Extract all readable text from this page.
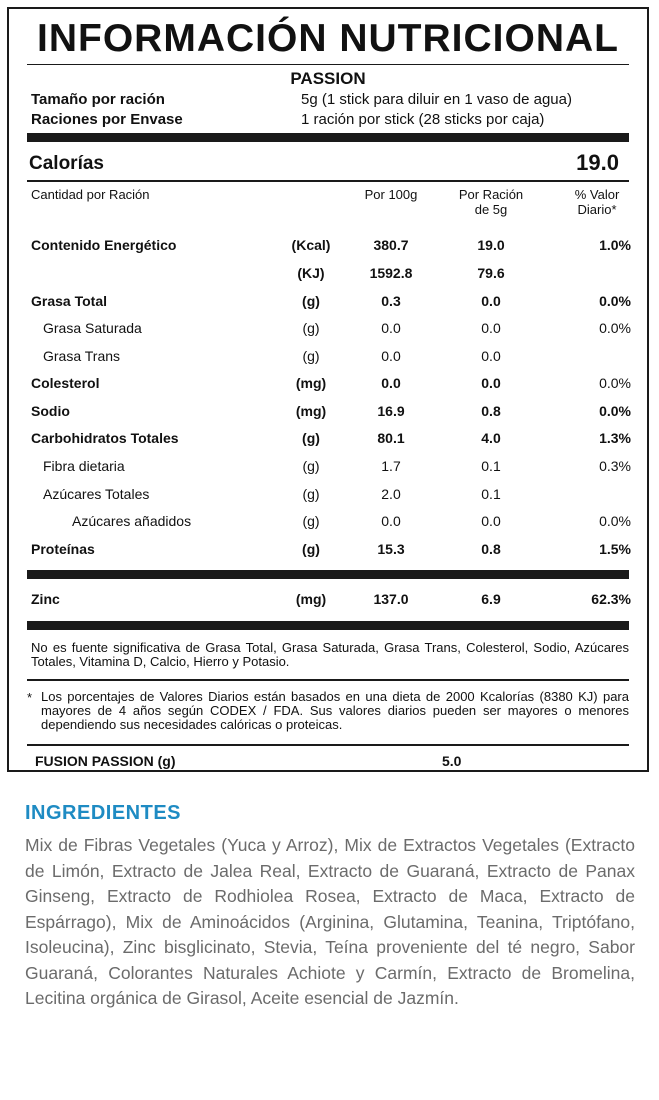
INFORMACIÓN NUTRICIONAL
PASSION
Tamaño por ración	5g (1 stick para diluir en 1 vaso de agua)
Raciones por Envase	1 ración por stick (28 sticks por caja)
Calorías	19.0
Cantidad por Ración	Por 100g	Por Ración
de 5g
% Valor
Diario*
Contenido Energético	(Kcal)	380.7	19.0	1.0%
(KJ)	1592.8	79.6
Grasa Total	(g)	0.3	0.0	0.0%
Grasa Saturada	(g)	0.0	0.0	0.0%
Grasa Trans	(g)	0.0	0.0
Colesterol	(mg)	0.0	0.0	0.0%
Sodio	(mg)	16.9	0.8	0.0%
Carbohidratos Totales	(g)	80.1	4.0	1.3%
Fibra dietaria	(g)	1.7	0.1	0.3%
Azúcares Totales	(g)	2.0	0.1
Azúcares añadidos	(g)	0.0	0.0	0.0%
Proteínas	(g)	15.3	0.8	1.5%
Zinc	(mg)	137.0	6.9	62.3%
No es fuente significativa de Grasa Total, Grasa Saturada, Grasa Trans, Colesterol, Sodio, Azúcares Totales, Vitamina D, Calcio, Hierro y Potasio.
* Los porcentajes de Valores Diarios están basados en una dieta de 2000 Kcalorías (8380 KJ) para mayores de 4 años según CODEX / FDA. Sus valores diarios pueden ser mayores o menores dependiendo sus necesidades calóricas o proteicas.
FUSION PASSION (g)	5.0
INGREDIENTES
Mix de Fibras Vegetales (Yuca y Arroz), Mix de Extractos Vegetales (Extracto de Limón, Extracto de Jalea Real, Extracto de Guaraná, Extracto de Panax Ginseng, Extracto de Rodhiolea Rosea, Extracto de Maca, Extracto de Espárrago), Mix de Aminoácidos (Arginina, Glutamina, Teanina, Triptófano, Isoleucina), Zinc bisglicinato, Stevia, Teína proveniente del té negro, Sabor Guaraná, Colorantes Naturales Achiote y Carmín, Extracto de Bromelina, Lecitina orgánica de Girasol, Aceite esencial de Jazmín.
